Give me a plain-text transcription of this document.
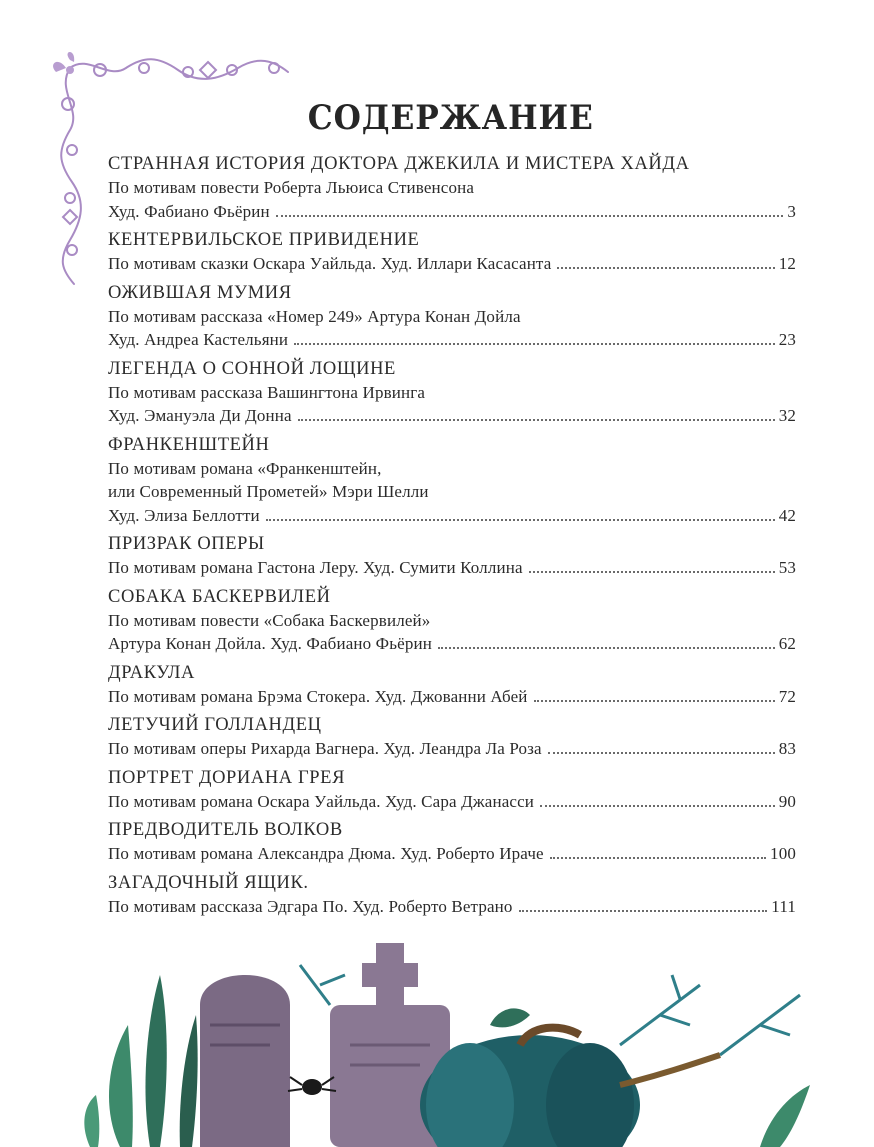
СОДЕРЖАНИЕ
СТРАННАЯ ИСТОРИЯ ДОКТОРА ДЖЕКИЛА И МИСТЕРА ХАЙДА
По мотивам повести Роберта Льюиса Стивенсона
Худ. Фабиано Фьёрин	3
КЕНТЕРВИЛЬСКОЕ ПРИВИДЕНИЕ
По мотивам сказки Оскара Уайльда. Худ. Иллари Касасанта	12
ОЖИВШАЯ МУМИЯ
По мотивам рассказа «Номер 249» Артура Конан Дойла
Худ. Андреа Кастельяни	23
ЛЕГЕНДА О СОННОЙ ЛОЩИНЕ
По мотивам рассказа Вашингтона Ирвинга
Худ. Эмануэла Ди Донна	32
ФРАНКЕНШТЕЙН
По мотивам романа «Франкенштейн,
или Современный Прометей» Мэри Шелли
Худ. Элиза Беллотти	42
ПРИЗРАК ОПЕРЫ
По мотивам романа Гастона Леру. Худ. Сумити Коллина	53
СОБАКА БАСКЕРВИЛЕЙ
По мотивам повести «Собака Баскервилей»
Артура Конан Дойла. Худ. Фабиано Фьёрин	62
ДРАКУЛА
По мотивам романа Брэма Стокера. Худ. Джованни Абей	72
ЛЕТУЧИЙ ГОЛЛАНДЕЦ
По мотивам оперы Рихарда Вагнера. Худ. Леандра Ла Роза	83
ПОРТРЕТ ДОРИАНА ГРЕЯ
По мотивам романа Оскара Уайльда. Худ. Сара Джанасси	90
ПРЕДВОДИТЕЛЬ ВОЛКОВ
По мотивам романа Александра Дюма. Худ. Роберто Ираче	100
ЗАГАДОЧНЫЙ ЯЩИК.
По мотивам рассказа Эдгара По. Худ. Роберто Ветрано	111
